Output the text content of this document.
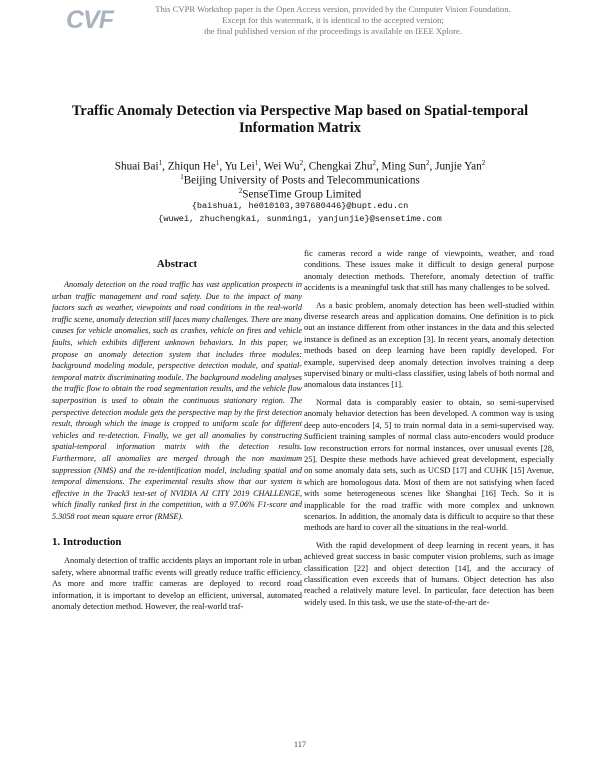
CVF	This CVPR Workshop paper is the Open Access version, provided by the Computer Vision Foundation.
Except for this watermark, it is identical to the accepted version;
the final published version of the proceedings is available on IEEE Xplore.
Traffic Anomaly Detection via Perspective Map based on Spatial-temporal
Information Matrix
Shuai Bai$^1$, Zhiqun He$^1$, Yu Lei$^1$, Wei Wu$^2$, Chengkai Zhu$^2$, Ming Sun$^2$, Junjie Yan$^2$
$^1$Beijing University of Posts and Telecommunications
$^2$SenseTime Group Limited
{baishuai, he010103,397680446}@bupt.edu.cn
{wuwei, zhuchengkai, sunming1, yanjunjie}@sensetime.com
Abstract

Anomaly detection on the road traffic has vast application prospects in urban traffic management and road safety. Due to the impact of many factors such as weather, viewpoints and road conditions in the real-world traffic scene, anomaly detection still faces many challenges. There are many causes for vehicle anomalies, such as crashes, vehicle on fires and vehicle faults, which exhibits different unknown behaviors. In this paper, we propose an anomaly detection system that includes three modules: background modeling module, perspective detection module, and spatial-temporal matrix discriminating module. The background modeling analyses the traffic flow to obtain the road segmentation results, and the vehicle flow superposition is used to obtain the continuous stationary region. The perspective detection module gets the perspective map by the first detection result, through which the image is cropped to uniform scale for different vehicles and re-detection. Finally, we get all anomalies by constructing spatial-temporal information matrix with the detection results. Furthermore, all anomalies are merged through the non maximum suppression (NMS) and the re-identification model, including spatial and temporal dimensions. The experimental results show that our system is effective in the Track3 test-set of NVIDIA AI CITY 2019 CHALLENGE, which finally ranked first in the competition, with a 97.06% F1-score and 5.3058 root mean square error (RMSE).

1. Introduction

Anomaly detection of traffic accidents plays an important role in urban safety, where abnormal traffic events will greatly reduce traffic efficiency. As more and more traffic cameras are deployed to record road information, it is important to develop an efficient, universal, automated anomaly detection method. However, the real-world traf-

fic cameras record a wide range of viewpoints, weather, and road conditions. These issues make it difficult to design general purpose anomaly detection methods. Therefore, anomaly detection of traffic accidents is a meaningful task that still has many challenges to be solved.

As a basic problem, anomaly detection has been well-studied within diverse research areas and application domains. One definition is to pick out an instance different from other instances in the data and this selected instance is defined as an exception [3]. In recent years, anomaly detection methods based on deep learning have been rapidly developed. For example, supervised deep anomaly detection involves training a deep supervised binary or multi-class classifier, using labels of both normal and anomalous data instances [1].

Normal data is comparably easier to obtain, so semi-supervised anomaly behavior detection has been developed. A common way is using deep auto-encoders [4, 5] to train normal data in a semi-supervised way. Sufficient training samples of normal class auto-encoders would produce low reconstruction errors for normal instances, over unusual events [28, 25]. Despite these methods have achieved great development, especially on some anomaly data sets, such as UCSD [17] and CUHK [15] Avenue, which are homologous data. Most of them are not satisfying when faced with some heterogeneous scenes like Shanghai [16] Tech. So it is inapplicable for the road traffic with more complex and unknown scenarios. In addition, the anomaly data is difficult to acquire so that these methods are hard to cover all the situations in the real-world.

With the rapid development of deep learning in recent years, it has achieved great success in basic computer vision problems, such as image classification [22] and object detection [14], and the accuracy of classification even exceeds that of humans. Object detection has also reached a relatively mature level. In particular, face detection has been widely used. In this task, we use the state-of-the-art de-

117
